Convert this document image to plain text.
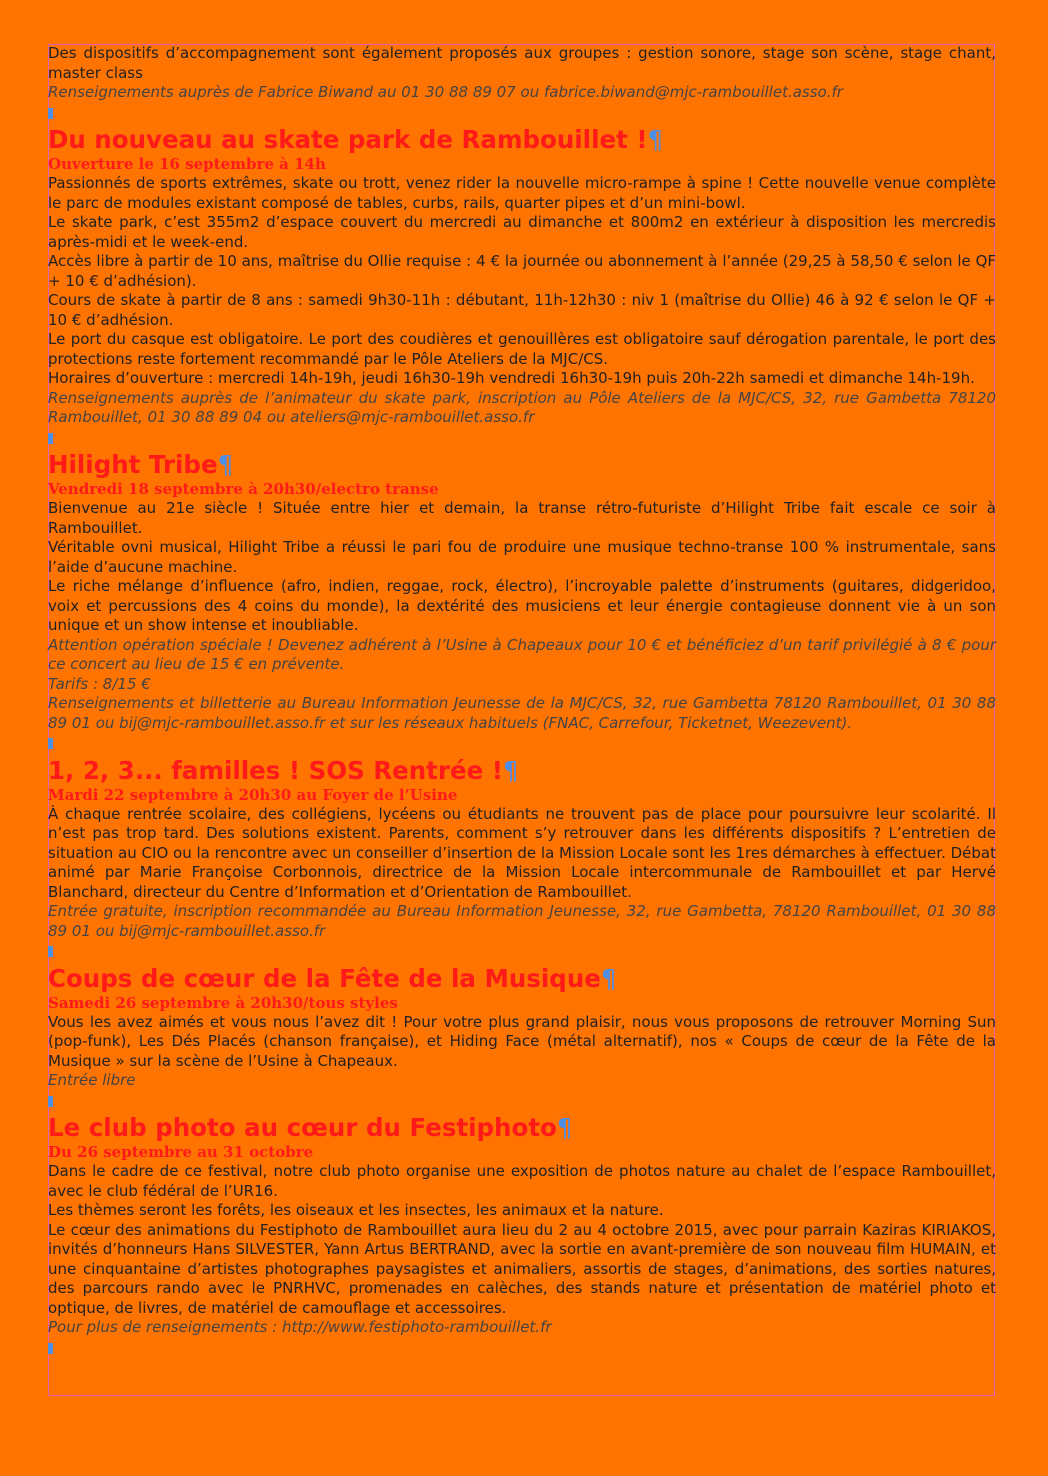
Des dispositifs d’accompagnement sont également proposés aux groupes : gestion sonore, stage son scène, stage chant, master class
Renseignements auprès de Fabrice Biwand au 01 30 88 89 07 ou fabrice.biwand@mjc-rambouillet.asso.fr
Du nouveau au skate park de Rambouillet !¶
Ouverture le 16 septembre à 14h
Passionnés de sports extrêmes, skate ou trott, venez rider la nouvelle micro-rampe à spine ! Cette nouvelle venue complète le parc de modules existant composé de tables, curbs, rails, quarter pipes et d’un mini-bowl.
Le skate park, c’est 355m2 d’espace couvert du mercredi au dimanche et 800m2 en extérieur à disposition les mercredis après-midi et le week-end.
Accès libre à partir de 10 ans, maîtrise du Ollie requise : 4 € la journée ou abonnement à l’année (29,25 à 58,50 € selon le QF + 10 € d’adhésion).
Cours de skate à partir de 8 ans : samedi 9h30-11h : débutant, 11h-12h30 : niv 1 (maîtrise du Ollie) 46 à 92 € selon le QF + 10 € d’adhésion.
Le port du casque est obligatoire. Le port des coudières et genouillères est obligatoire sauf dérogation parentale, le port des protections reste fortement recommandé par le Pôle Ateliers de la MJC/CS.
Horaires d’ouverture : mercredi 14h-19h, jeudi 16h30-19h vendredi 16h30-19h puis 20h-22h samedi et dimanche 14h-19h.
Renseignements auprès de l’animateur du skate park, inscription au Pôle Ateliers de la MJC/CS, 32, rue Gambetta 78120 Rambouillet, 01 30 88 89 04 ou ateliers@mjc-rambouillet.asso.fr
Hilight Tribe¶
Vendredi 18 septembre à 20h30/electro transe
Bienvenue au 21e siècle ! Située entre hier et demain, la transe rétro-futuriste d’Hilight Tribe fait escale ce soir à Rambouillet.
Véritable ovni musical, Hilight Tribe a réussi le pari fou de produire une musique techno-transe 100 % instrumentale, sans l’aide d’aucune machine.
Le riche mélange d’influence (afro, indien, reggae, rock, électro), l’incroyable palette d’instruments (guitares, didgeridoo, voix et percussions des 4 coins du monde), la dextérité des musiciens et leur énergie contagieuse donnent vie à un son unique et un show intense et inoubliable.
Attention opération spéciale ! Devenez adhérent à l’Usine à Chapeaux pour 10 € et bénéficiez d’un tarif privilégié à 8 € pour ce concert au lieu de 15 € en prévente.
Tarifs : 8/15 €
Renseignements et billetterie au Bureau Information Jeunesse de la MJC/CS, 32, rue Gambetta 78120 Rambouillet, 01 30 88 89 01 ou bij@mjc-rambouillet.asso.fr et sur les réseaux habituels (FNAC, Carrefour, Ticketnet, Weezevent).
1, 2, 3... familles ! SOS Rentrée !¶
Mardi 22 septembre à 20h30 au Foyer de l’Usine
À chaque rentrée scolaire, des collégiens, lycéens ou étudiants ne trouvent pas de place pour poursuivre leur scolarité. Il n’est pas trop tard. Des solutions existent. Parents, comment s’y retrouver dans les différents dispositifs ? L’entretien de situation au CIO ou la rencontre avec un conseiller d’insertion de la Mission Locale sont les 1res démarches à effectuer. Débat animé par Marie Françoise Corbonnois, directrice de la Mission Locale intercommunale de Rambouillet et par Hervé Blanchard, directeur du Centre d’Information et d’Orientation de Rambouillet.
Entrée gratuite, inscription recommandée au Bureau Information Jeunesse, 32, rue Gambetta, 78120 Rambouillet, 01 30 88 89 01 ou bij@mjc-rambouillet.asso.fr
Coups de cœur de la Fête de la Musique¶
Samedi 26 septembre à 20h30/tous styles
Vous les avez aimés et vous nous l’avez dit ! Pour votre plus grand plaisir, nous vous proposons de retrouver Morning Sun (pop-funk), Les Dés Placés (chanson française), et Hiding Face (métal alternatif), nos « Coups de cœur de la Fête de la Musique » sur la scène de l’Usine à Chapeaux.
Entrée libre
Le club photo au cœur du Festiphoto¶
Du 26 septembre au 31 octobre
Dans le cadre de ce festival, notre club photo organise une exposition de photos nature au chalet de l’espace Rambouillet, avec le club fédéral de l’UR16.
Les thèmes seront les forêts, les oiseaux et les insectes, les animaux et la nature.
Le cœur des animations du Festiphoto de Rambouillet aura lieu du 2 au 4 octobre 2015, avec pour parrain Kaziras KIRIAKOS, invités d’honneurs Hans SILVESTER, Yann Artus BERTRAND, avec la sortie en avant-première de son nouveau film HUMAIN, et une cinquantaine d’artistes photographes paysagistes et animaliers, assortis de stages, d’animations, des sorties natures, des parcours rando avec le PNRHVC, promenades en calèches, des stands nature et présentation de matériel photo et optique, de livres, de matériel de camouflage et accessoires.
Pour plus de renseignements : http://www.festiphoto-rambouillet.fr
